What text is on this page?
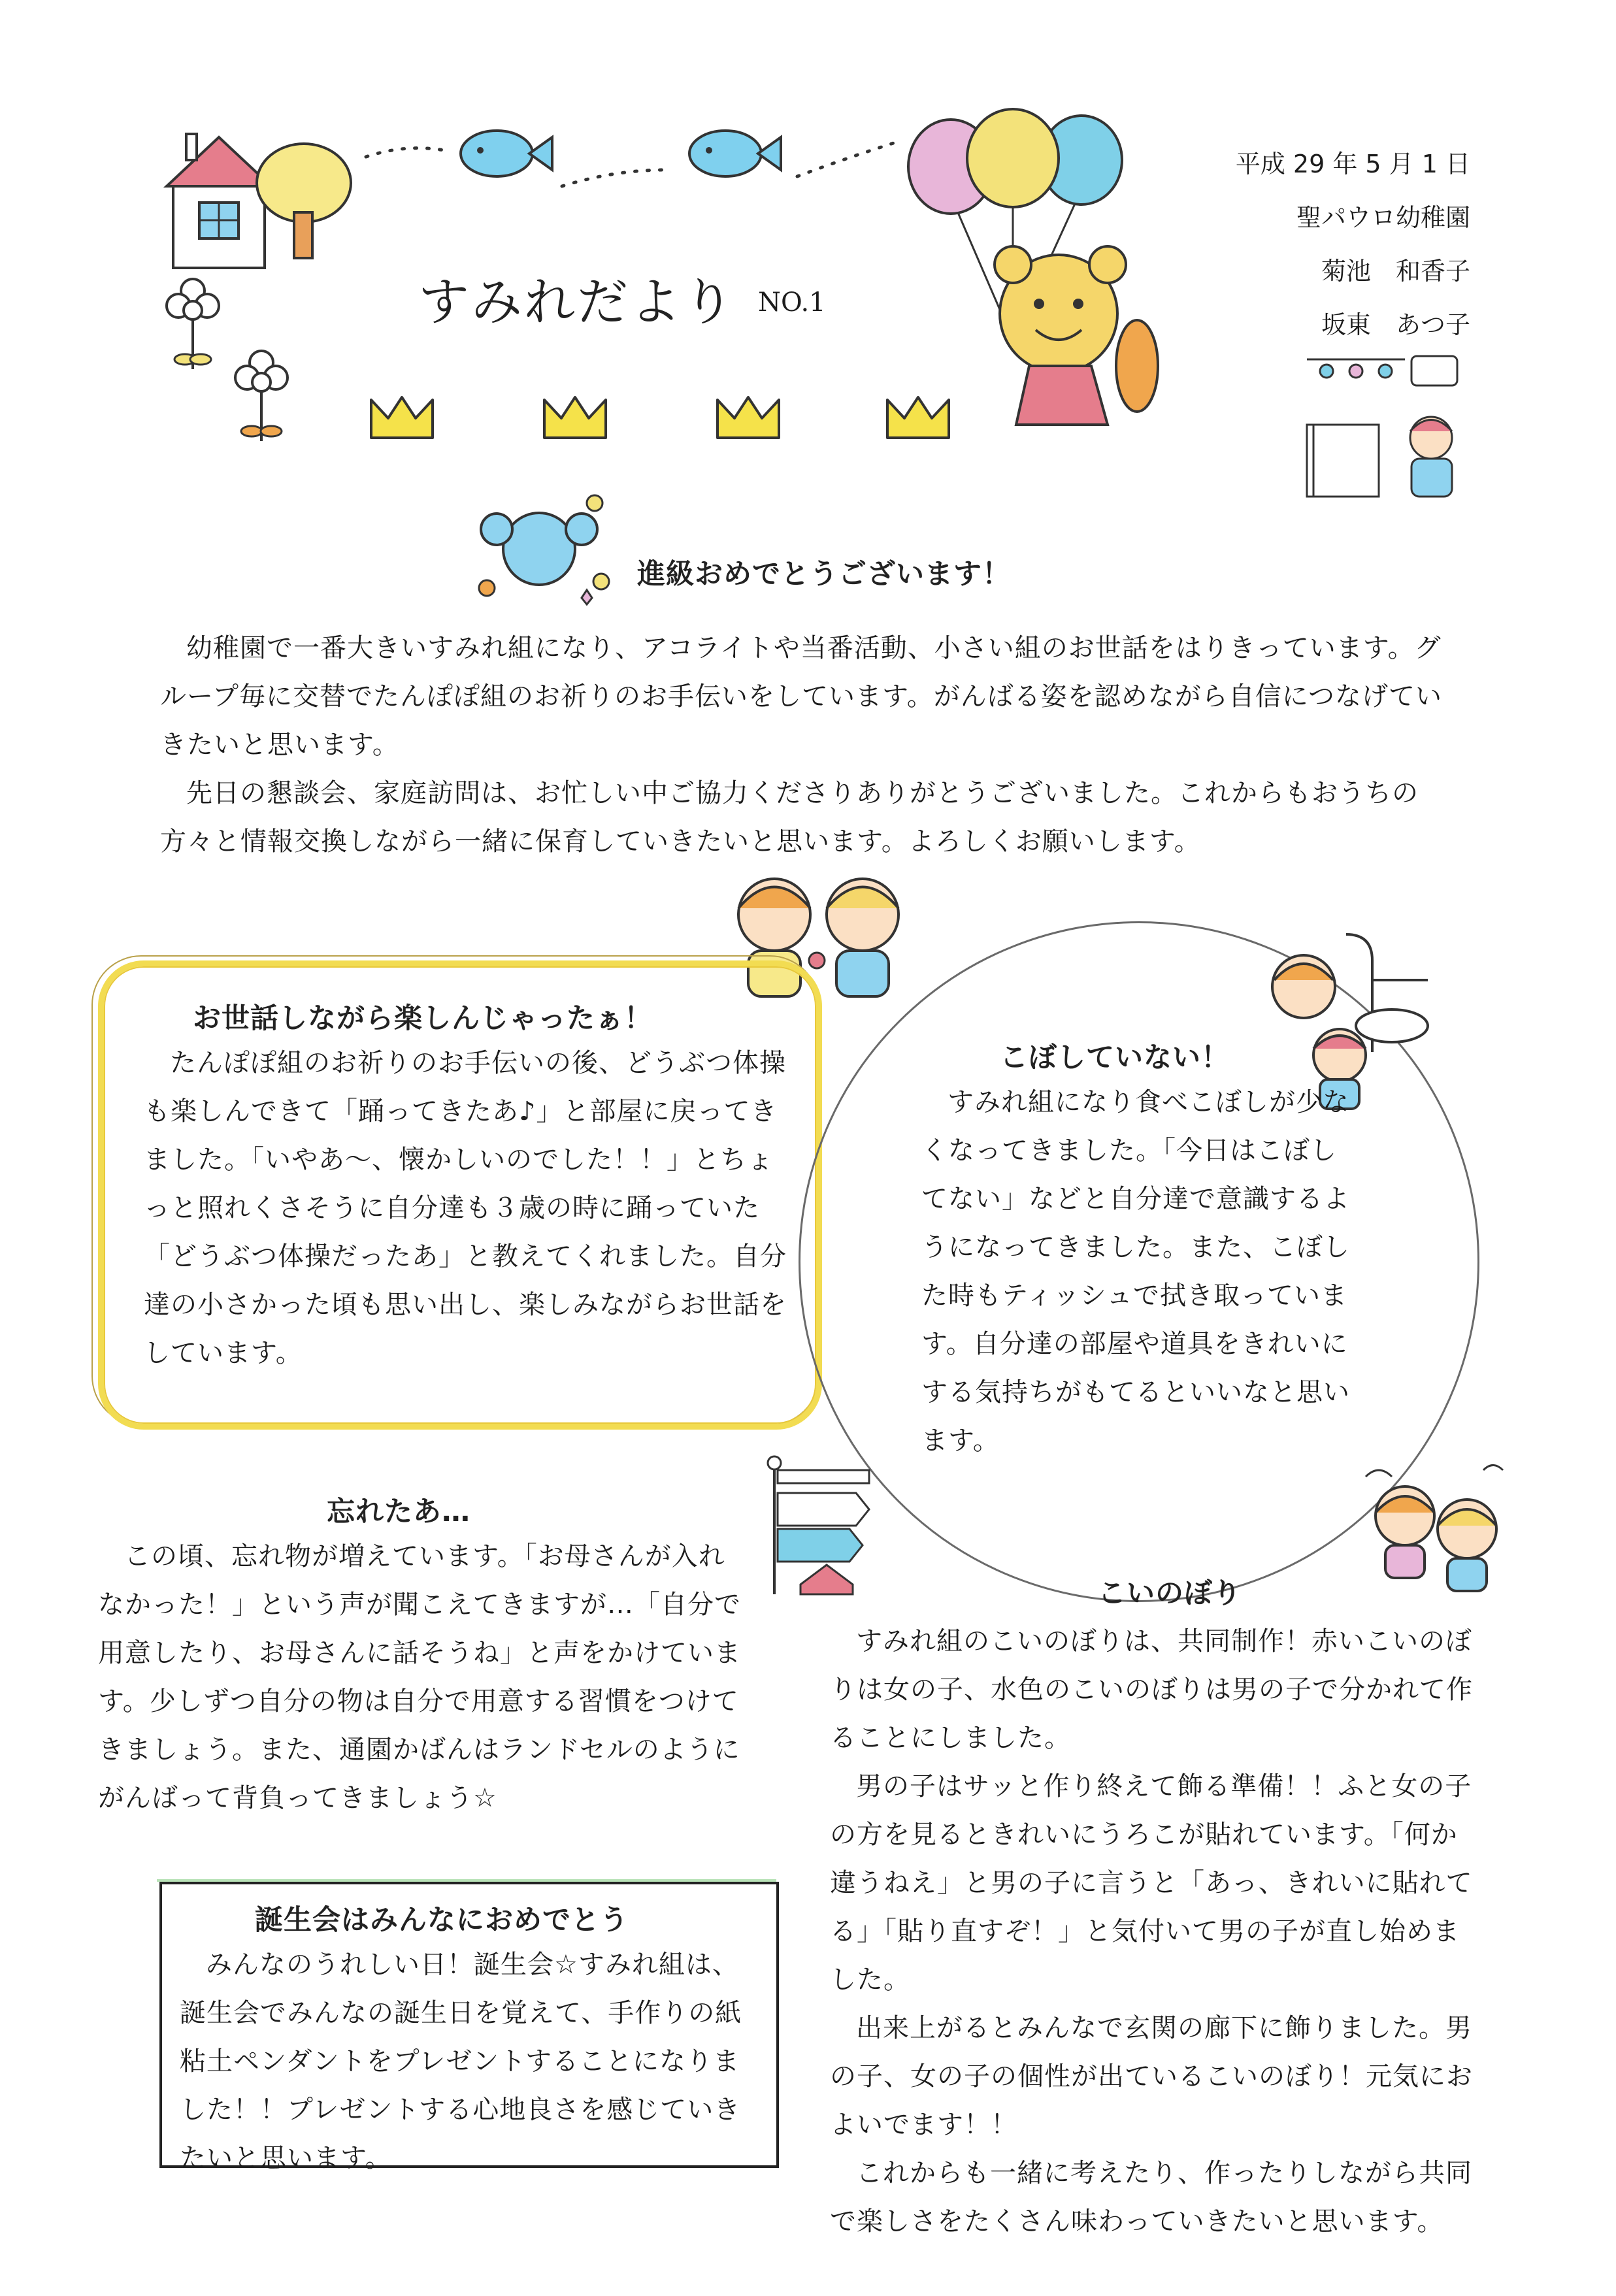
すみれだより NO.1
平成 29 年 5 月 1 日
聖パウロ幼稚園
菊池　和香子
坂東　あつ子
進級おめでとうございます！

幼稚園で一番大きいすみれ組になり、アコライトや当番活動、小さい組のお世話をはりきっています。グループ毎に交替でたんぽぽ組のお祈りのお手伝いをしています。がんばる姿を認めながら自信につなげていきたいと思います。

先日の懇談会、家庭訪問は、お忙しい中ご協力くださりありがとうございました。これからもおうちの方々と情報交換しながら一緒に保育していきたいと思います。よろしくお願いします。

お世話しながら楽しんじゃったぁ！

たんぽぽ組のお祈りのお手伝いの後、どうぶつ体操も楽しんできて「踊ってきたあ♪」と部屋に戻ってきました。「いやあ～、懐かしいのでした！！」とちょっと照れくさそうに自分達も３歳の時に踊っていた「どうぶつ体操だったあ」と教えてくれました。自分達の小さかった頃も思い出し、楽しみながらお世話をしています。

こぼしていない！

すみれ組になり食べこぼしが少なくなってきました。「今日はこぼしてない」などと自分達で意識するようになってきました。また、こぼした時もティッシュで拭き取っています。自分達の部屋や道具をきれいにする気持ちがもてるといいなと思います。

忘れたあ…

この頃、忘れ物が増えています。「お母さんが入れなかった！」という声が聞こえてきますが…「自分で用意したり、お母さんに話そうね」と声をかけています。少しずつ自分の物は自分で用意する習慣をつけてきましょう。また、通園かばんはランドセルのようにがんばって背負ってきましょう☆

誕生会はみんなにおめでとう

みんなのうれしい日！誕生会☆すみれ組は、誕生会でみんなの誕生日を覚えて、手作りの紙粘土ペンダントをプレゼントすることになりました！！プレゼントする心地良さを感じていきたいと思います。

こいのぼり

すみれ組のこいのぼりは、共同制作！赤いこいのぼりは女の子、水色のこいのぼりは男の子で分かれて作ることにしました。

男の子はサッと作り終えて飾る準備！！ふと女の子の方を見るときれいにうろこが貼れています。「何か違うねえ」と男の子に言うと「あっ、きれいに貼れてる」「貼り直すぞ！」と気付いて男の子が直し始めました。

出来上がるとみんなで玄関の廊下に飾りました。男の子、女の子の個性が出ているこいのぼり！元気におよいでます！！

これからも一緒に考えたり、作ったりしながら共同で楽しさをたくさん味わっていきたいと思います。
